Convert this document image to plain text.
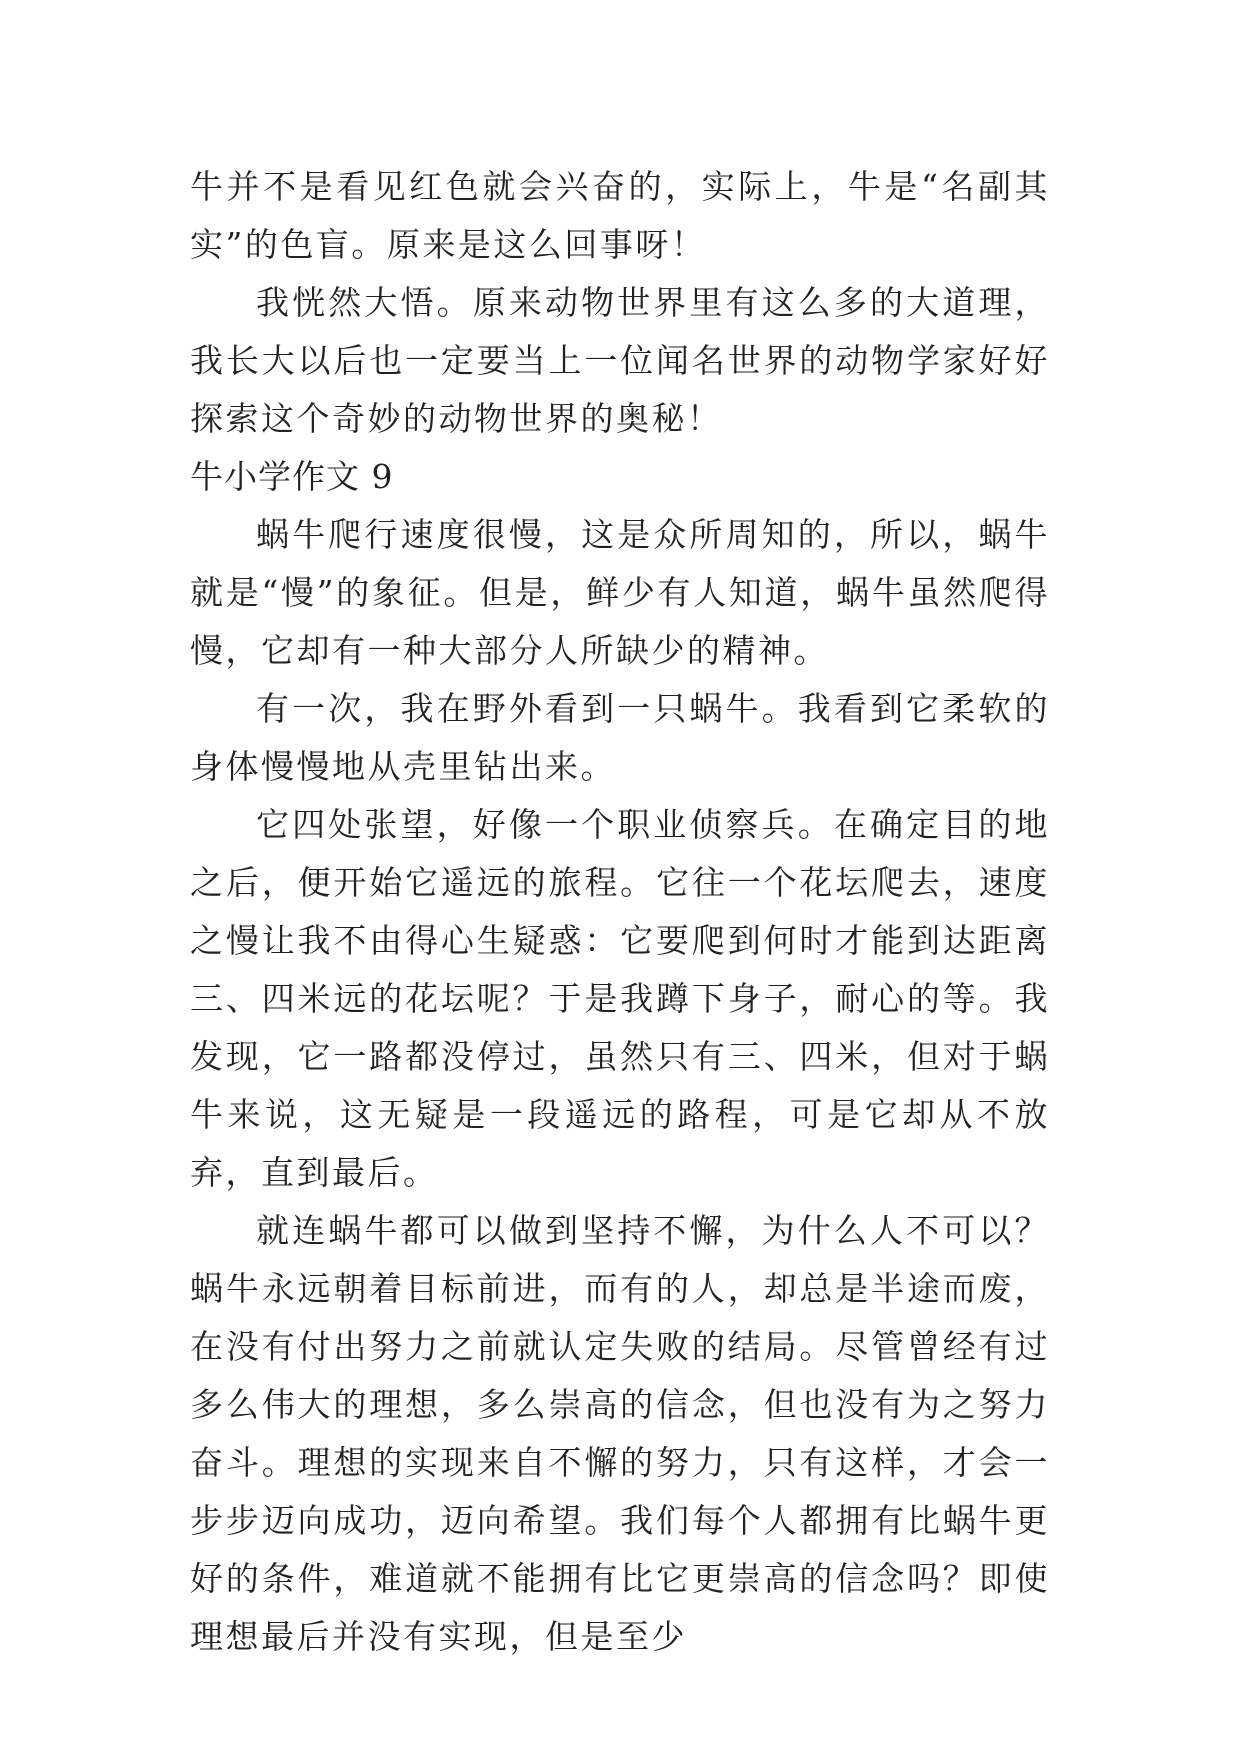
牛并不是看见红色就会兴奋的，实际上，牛是“名副其实”的色盲。原来是这么回事呀！

我恍然大悟。原来动物世界里有这么多的大道理，我长大以后也一定要当上一位闻名世界的动物学家好好探索这个奇妙的动物世界的奥秘！

牛小学作文 9

蜗牛爬行速度很慢，这是众所周知的，所以，蜗牛就是“慢”的象征。但是，鲜少有人知道，蜗牛虽然爬得慢，它却有一种大部分人所缺少的精神。

有一次，我在野外看到一只蜗牛。我看到它柔软的身体慢慢地从壳里钻出来。

它四处张望，好像一个职业侦察兵。在确定目的地之后，便开始它遥远的旅程。它往一个花坛爬去，速度之慢让我不由得心生疑惑：它要爬到何时才能到达距离三、四米远的花坛呢？于是我蹲下身子，耐心的等。我发现，它一路都没停过，虽然只有三、四米，但对于蜗牛来说，这无疑是一段遥远的路程，可是它却从不放弃，直到最后。

就连蜗牛都可以做到坚持不懈，为什么人不可以？蜗牛永远朝着目标前进，而有的人，却总是半途而废，在没有付出努力之前就认定失败的结局。尽管曾经有过多么伟大的理想，多么崇高的信念，但也没有为之努力奋斗。理想的实现来自不懈的努力，只有这样，才会一步步迈向成功，迈向希望。我们每个人都拥有比蜗牛更好的条件，难道就不能拥有比它更崇高的信念吗？即使理想最后并没有实现，但是至少
